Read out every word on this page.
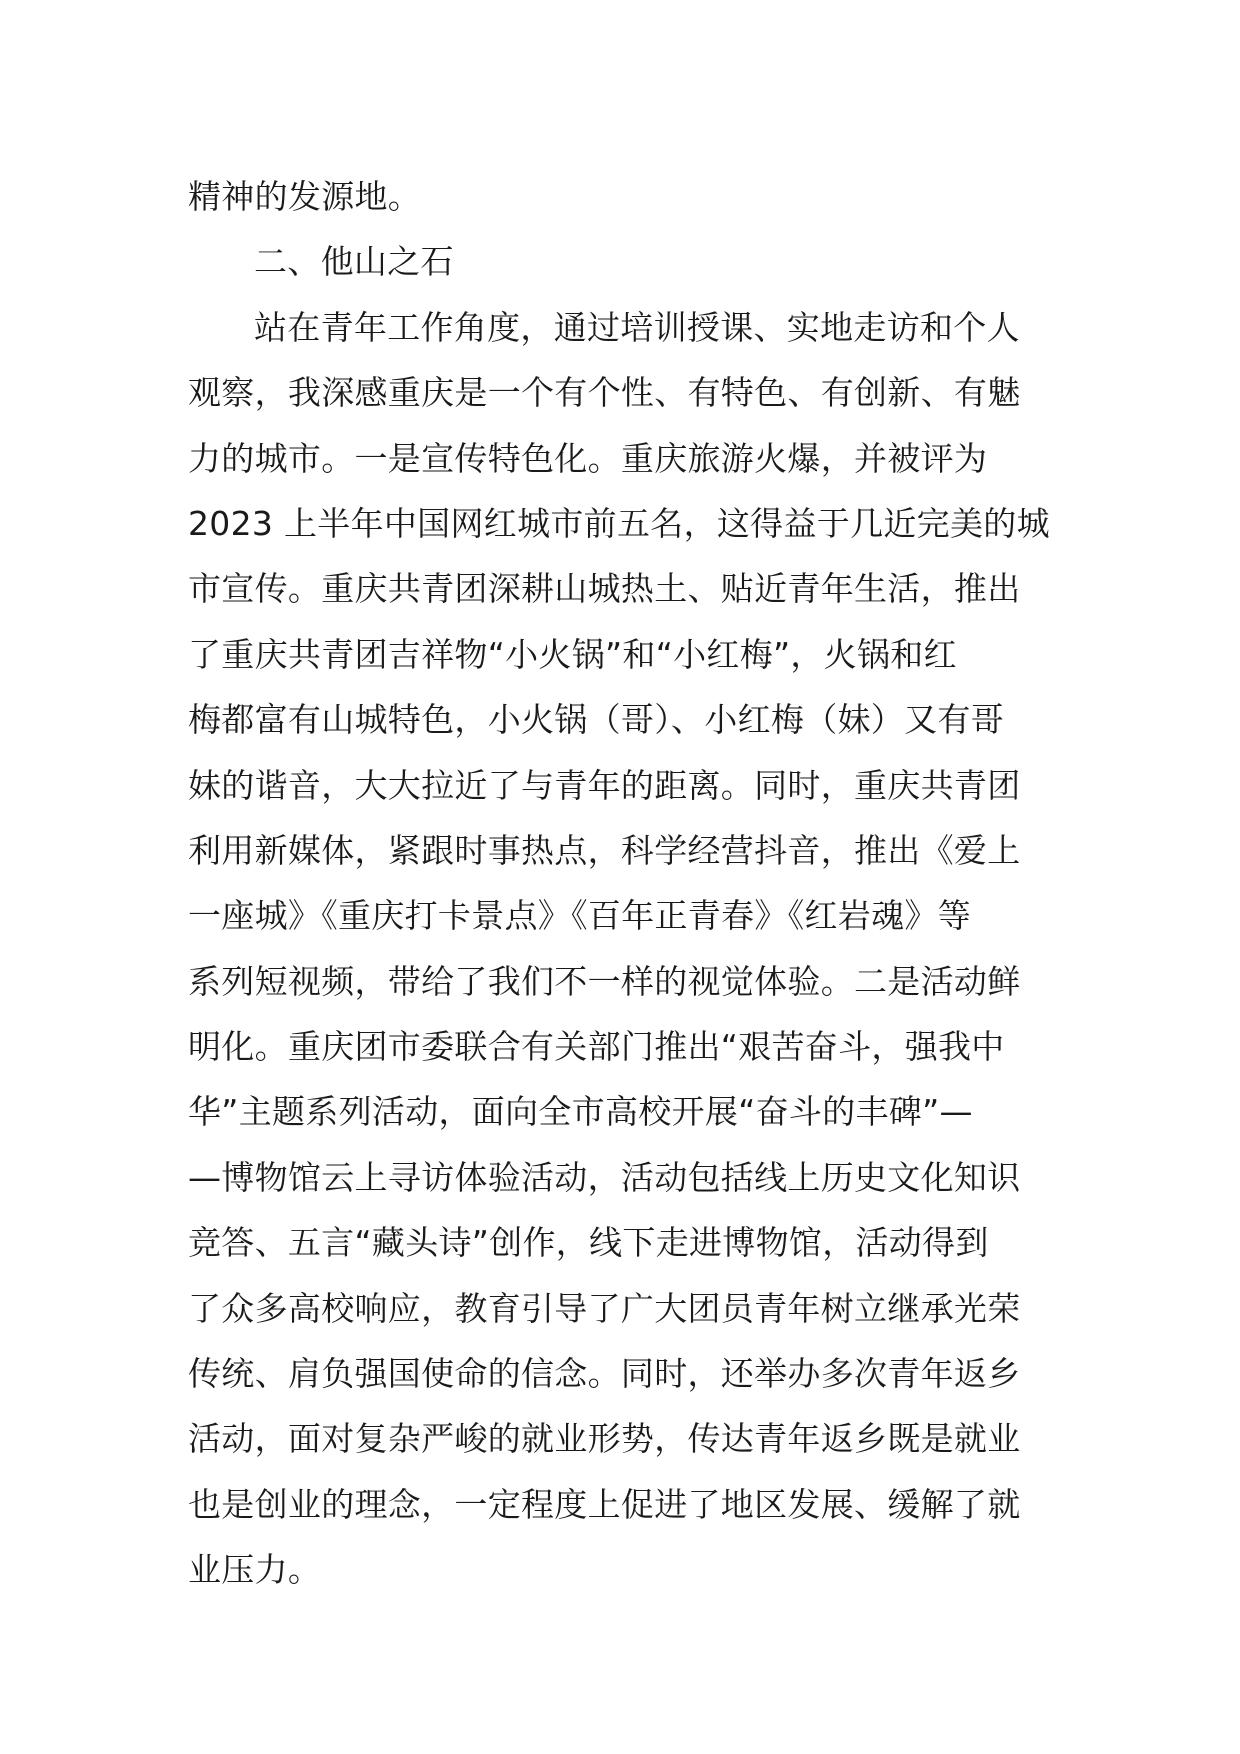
精神的发源地。
二、他山之石
站在青年工作角度，通过培训授课、实地走访和个人
观察，我深感重庆是一个有个性、有特色、有创新、有魅
力的城市。一是宣传特色化。重庆旅游火爆，并被评为
2023 上半年中国网红城市前五名，这得益于几近完美的城
市宣传。重庆共青团深耕山城热土、贴近青年生活，推出
了重庆共青团吉祥物“小火锅”和“小红梅”，火锅和红
梅都富有山城特色，小火锅（哥）、小红梅（妹）又有哥
妹的谐音，大大拉近了与青年的距离。同时，重庆共青团
利用新媒体，紧跟时事热点，科学经营抖音，推出《爱上
一座城》《重庆打卡景点》《百年正青春》《红岩魂》等
系列短视频，带给了我们不一样的视觉体验。二是活动鲜
明化。重庆团市委联合有关部门推出“艰苦奋斗，强我中
华”主题系列活动，面向全市高校开展“奋斗的丰碑”—
—博物馆云上寻访体验活动，活动包括线上历史文化知识
竞答、五言“藏头诗”创作，线下走进博物馆，活动得到
了众多高校响应，教育引导了广大团员青年树立继承光荣
传统、肩负强国使命的信念。同时，还举办多次青年返乡
活动，面对复杂严峻的就业形势，传达青年返乡既是就业
也是创业的理念，一定程度上促进了地区发展、缓解了就
业压力。
